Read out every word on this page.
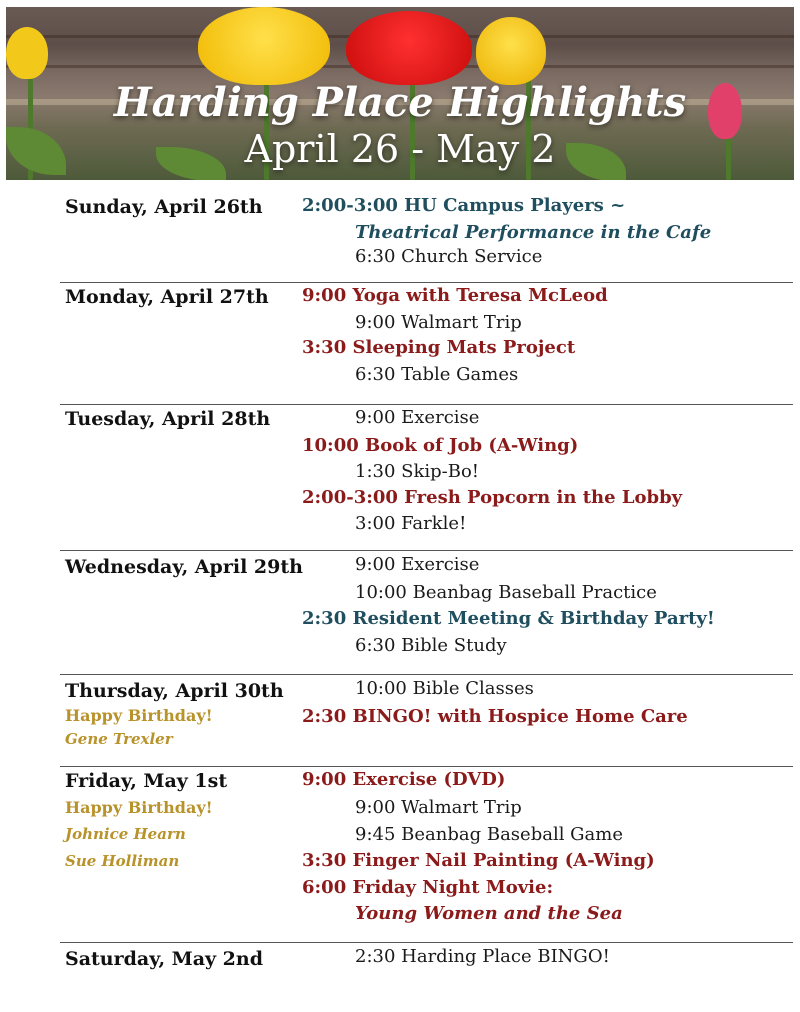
Harding Place Highlights
April 26 - May 2
Sunday, April 26th 2:00-3:00 HU Campus Players ~
Theatrical Performance in the Cafe
6:30 Church Service
Monday, April 27th 9:00 Yoga with Teresa McLeod
9:00 Walmart Trip
3:30 Sleeping Mats Project
6:30 Table Games
Tuesday, April 28th	9:00 Exercise
10:00 Book of Job (A-Wing)
1:30 Skip-Bo!
2:00-3:00 Fresh Popcorn in the Lobby
3:00 Farkle!
Wednesday, April 29th	9:00 Exercise
10:00 Beanbag Baseball Practice
2:30 Resident Meeting & Birthday Party!
6:30 Bible Study
Thursday, April 30th
Happy Birthday!
Gene Trexler
10:00 Bible Classes
2:30 BINGO! with Hospice Home Care
Friday, May 1st
Happy Birthday!
Johnice Hearn
Sue Holliman
9:00 Exercise (DVD)
9:00 Walmart Trip
9:45 Beanbag Baseball Game
3:30 Finger Nail Painting (A-Wing)
6:00 Friday Night Movie:
Young Women and the Sea
Saturday, May 2nd	2:30 Harding Place BINGO!
